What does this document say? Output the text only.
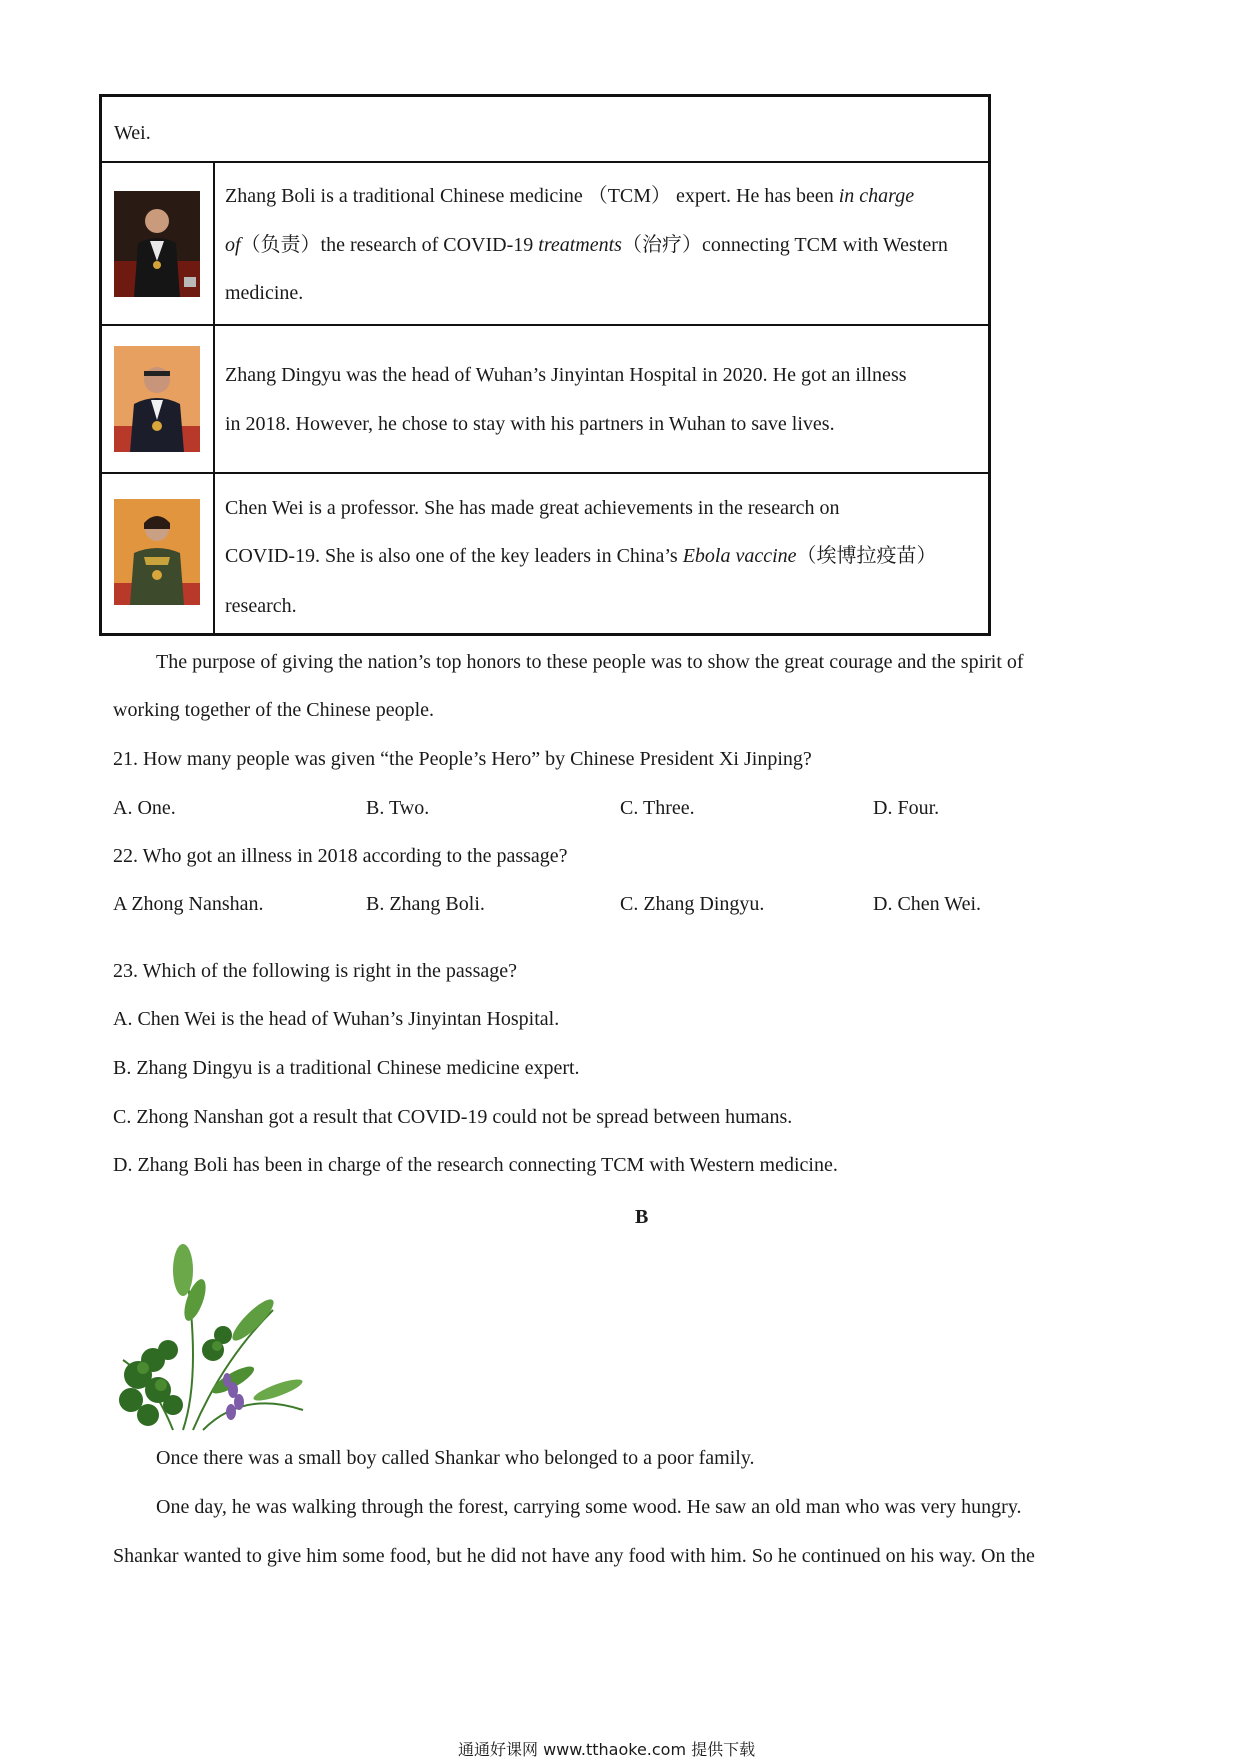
Wei.
Zhang Boli is a traditional Chinese medicine （TCM） expert. He has been in charge
of（负责）the research of COVID-19 treatments（治疗）connecting TCM with Western
medicine.
Zhang Dingyu was the head of Wuhan’s Jinyintan Hospital in 2020. He got an illness
in 2018. However, he chose to stay with his partners in Wuhan to save lives.
Chen Wei is a professor. She has made great achievements in the research on
COVID-19. She is also one of the key leaders in China’s Ebola vaccine（埃博拉疫苗）
research.
The purpose of giving the nation’s top honors to these people was to show the great courage and the spirit of
working together of the Chinese people.
21. How many people was given “the People’s Hero” by Chinese President Xi Jinping?
A. One.	B. Two.	C. Three.	D. Four.
22. Who got an illness in 2018 according to the passage?
A Zhong Nanshan.	B. Zhang Boli.	C. Zhang Dingyu.	D. Chen Wei.
23. Which of the following is right in the passage?
A. Chen Wei is the head of Wuhan’s Jinyintan Hospital.
B. Zhang Dingyu is a traditional Chinese medicine expert.
C. Zhong Nanshan got a result that COVID-19 could not be spread between humans.
D. Zhang Boli has been in charge of the research connecting TCM with Western medicine.
B
Once there was a small boy called Shankar who belonged to a poor family.
One day, he was walking through the forest, carrying some wood. He saw an old man who was very hungry.
Shankar wanted to give him some food, but he did not have any food with him. So he continued on his way. On the
通通好课网 www.tthaoke.com 提供下载
